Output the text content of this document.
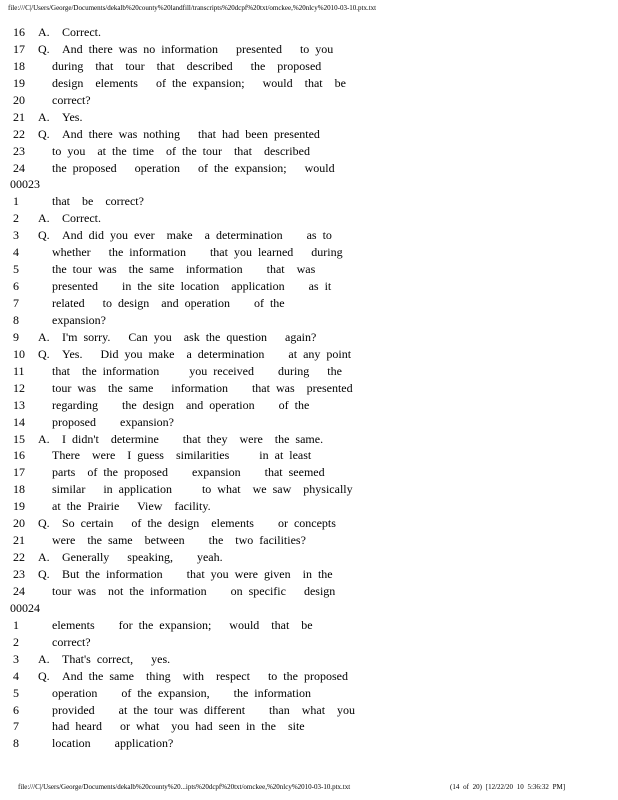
file:///C|/Users/George/Documents/dekalb%20county%20landfill/transcripts%20dcpf%20txt/omckee,%20nlcy%2010-03-10.ptx.txt
16	A. Correct.
17	Q. And there was no information   presented   to you
18	during  that  tour  that  described   the  proposed
19	design  elements   of the expansion;   would  that  be
20	correct?
21	A. Yes.
22	Q. And there was nothing   that had been presented
23	to you  at the time  of the tour  that  described
24	the proposed   operation   of the expansion;   would
00023
1	that  be  correct?
2	A. Correct.
3	Q. And did you ever  make  a determination    as to
4	whether   the information    that you learned   during
5	the tour was  the same  information    that  was
6	presented    in the site location  application    as it
7	related   to design  and operation    of the
8	expansion?
9	A. I'm sorry.   Can you  ask the question   again?
10	Q. Yes.   Did you make  a determination    at any point
11	that  the information     you received    during   the
12	tour was  the same   information    that was  presented
13	regarding    the design  and operation    of the
14	proposed    expansion?
15	A. I didn't  determine    that they  were  the same.
16	There  were  I guess  similarities     in at least
17	parts  of the proposed    expansion    that seemed
18	similar   in application     to what  we saw  physically
19	at the Prairie   View  facility.
20	Q. So certain   of the design  elements    or concepts
21	were  the same  between    the  two facilities?
22	A. Generally   speaking,    yeah.
23	Q. But the information    that you were given  in the
24	tour was  not the information    on specific   design
00024
1	elements    for the expansion;   would  that  be
2	correct?
3	A. That's correct,   yes.
4	Q. And the same  thing  with  respect   to the proposed
5	operation    of the expansion,    the information
6	provided    at the tour was different    than  what  you
7	had heard   or what  you had seen in the  site
8	location    application?
file:///C|/Users/George/Documents/dekalb%20county%20...ipts%20dcpf%20txt/omckee,%20nlcy%2010-03-10.ptx.txt	(14 of 20) [12/22/20 10 5:36:32 PM]
